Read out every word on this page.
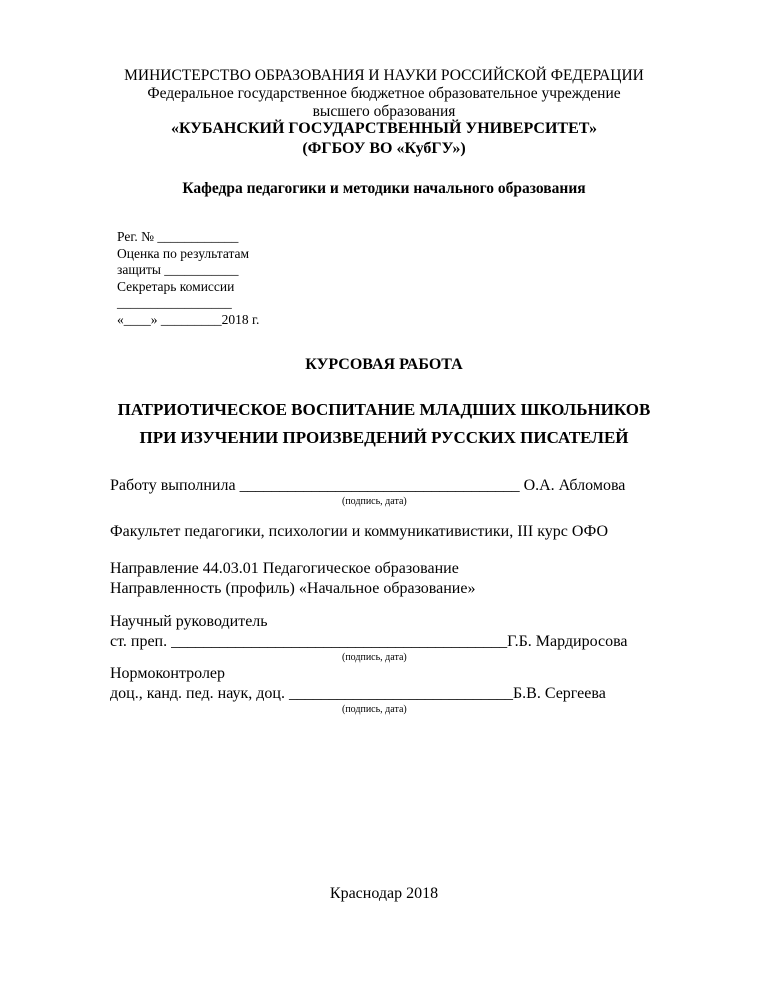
МИНИСТЕРСТВО ОБРАЗОВАНИЯ И НАУКИ РОССИЙСКОЙ ФЕДЕРАЦИИ
Федеральное государственное бюджетное образовательное учреждение
высшего образования
«КУБАНСКИЙ ГОСУДАРСТВЕННЫЙ УНИВЕРСИТЕТ»
(ФГБОУ ВО «КубГУ»)
Кафедра педагогики и методики начального образования
Рег. № ____________
Оценка по результатам
защиты ___________
Секретарь комиссии
_________________
«____» _________2018 г.
КУРСОВАЯ РАБОТА
ПАТРИОТИЧЕСКОЕ ВОСПИТАНИЕ МЛАДШИХ ШКОЛЬНИКОВ
ПРИ ИЗУЧЕНИИ ПРОИЗВЕДЕНИЙ РУССКИХ ПИСАТЕЛЕЙ
Работу выполнила ___________________________________ О.А. Абломова
(подпись, дата)
Факультет педагогики, психологии и коммуникативистики, III курс ОФО
Направление 44.03.01 Педагогическое образование
Направленность (профиль) «Начальное образование»
Научный руководитель
ст. преп. __________________________________________Г.Б. Мардиросова
(подпись, дата)
Нормоконтролер
доц., канд. пед. наук, доц. ____________________________Б.В. Сергеева
(подпись, дата)
Краснодар 2018
